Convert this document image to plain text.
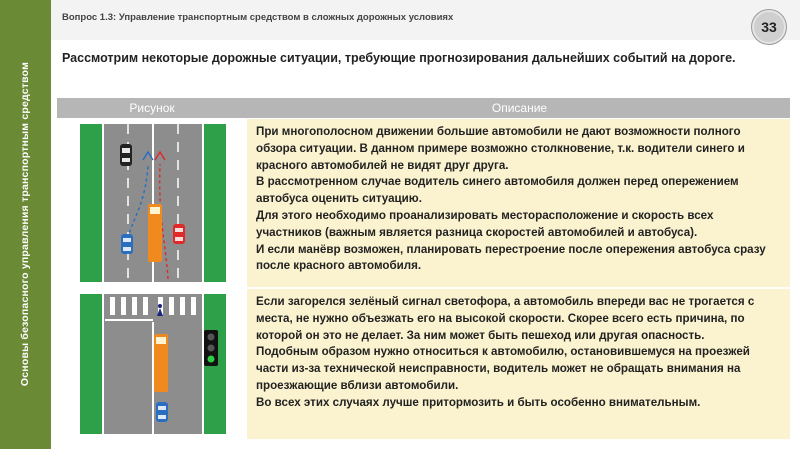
Основы безопасного управления транспортным средством
Вопрос 1.3: Управление транспортным средством в сложных дорожных условиях
33
Рассмотрим некоторые дорожные ситуации, требующие прогнозирования дальнейших событий на дороге.
Рисунок	Описание
При многополосном движении большие автомобили не дают возможности полного обзора ситуации. В данном примере возможно столкновение, т.к. водители синего и красного автомобилей не видят друг друга.
В рассмотренном случае водитель синего автомобиля должен перед опережением автобуса оценить ситуацию.
Для этого необходимо проанализировать месторасположение и скорость всех участников (важным является разница скоростей автомобилей и автобуса).
И если манёвр возможен, планировать перестроение после опережения автобуса сразу после красного автомобиля.
Если загорелся зелёный сигнал светофора, а автомобиль впереди вас не трогается с места, не нужно объезжать его на высокой скорости. Скорее всего есть причина, по которой он это не делает. За ним может быть пешеход или другая опасность.
Подобным образом нужно относиться к автомобилю, остановившемуся на проезжей части из-за технической неисправности, водитель может не обращать внимания на проезжающие вблизи автомобили.
Во всех этих случаях лучше притормозить и быть особенно внимательным.
